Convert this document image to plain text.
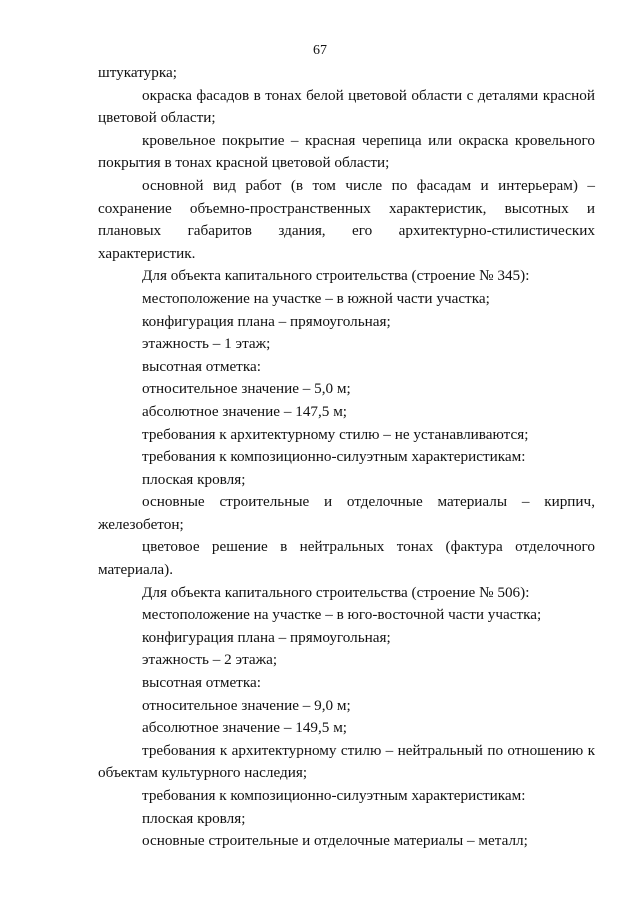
67

штукатурка;

окраска фасадов в тонах белой цветовой области с деталями красной цветовой области;

кровельное покрытие – красная черепица или окраска кровельного покрытия в тонах красной цветовой области;

основной вид работ (в том числе по фасадам и интерьерам) – сохранение объемно-пространственных характеристик, высотных и плановых габаритов здания, его архитектурно-стилистических характеристик.

Для объекта капитального строительства (строение № 345):

местоположение на участке – в южной части участка;

конфигурация плана – прямоугольная;

этажность – 1 этаж;

высотная отметка:

относительное значение – 5,0 м;

абсолютное значение – 147,5 м;

требования к архитектурному стилю – не устанавливаются;

требования к композиционно-силуэтным характеристикам:

плоская кровля;

основные строительные и отделочные материалы – кирпич, железобетон;

цветовое решение в нейтральных тонах (фактура отделочного материала).

Для объекта капитального строительства (строение № 506):

местоположение на участке – в юго-восточной части участка;

конфигурация плана – прямоугольная;

этажность – 2 этажа;

высотная отметка:

относительное значение – 9,0 м;

абсолютное значение – 149,5 м;

требования к архитектурному стилю – нейтральный по отношению к объектам культурного наследия;

требования к композиционно-силуэтным характеристикам:

плоская кровля;

основные строительные и отделочные материалы – металл;
